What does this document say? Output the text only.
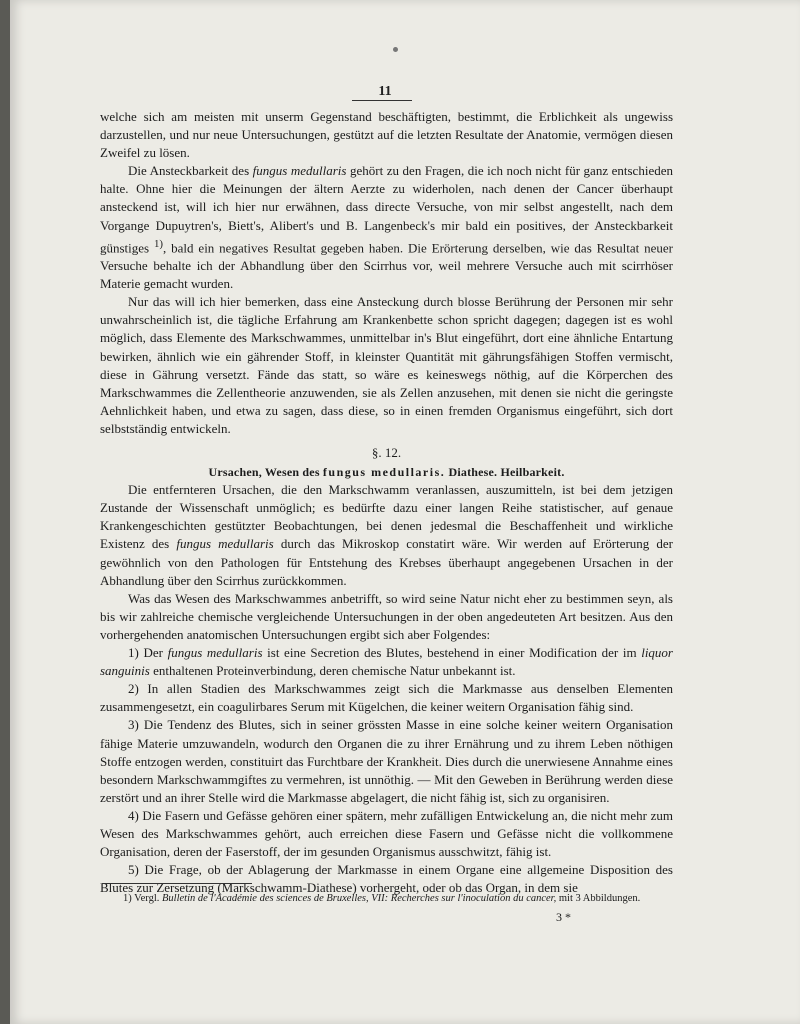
11

welche sich am meisten mit unserm Gegenstand beschäftigten, bestimmt, die Erblichkeit als ungewiss darzustellen, und nur neue Untersuchungen, gestützt auf die letzten Resultate der Anatomie, vermögen diesen Zweifel zu lösen.

Die Ansteckbarkeit des fungus medullaris gehört zu den Fragen, die ich noch nicht für ganz entschieden halte. Ohne hier die Meinungen der ältern Aerzte zu widerholen, nach denen der Cancer überhaupt ansteckend ist, will ich hier nur erwähnen, dass directe Versuche, von mir selbst angestellt, nach dem Vorgange Dupuytren's, Biett's, Alibert's und B. Langenbeck's mir bald ein positives, der Ansteckbarkeit günstiges $^{1)}$, bald ein negatives Resultat gegeben haben. Die Erörterung derselben, wie das Resultat neuer Versuche behalte ich der Abhandlung über den Scirrhus vor, weil mehrere Versuche auch mit scirrhöser Materie gemacht wurden.

Nur das will ich hier bemerken, dass eine Ansteckung durch blosse Berührung der Personen mir sehr unwahrscheinlich ist, die tägliche Erfahrung am Krankenbette schon spricht dagegen; dagegen ist es wohl möglich, dass Elemente des Markschwammes, unmittelbar in's Blut eingeführt, dort eine ähnliche Entartung bewirken, ähnlich wie ein gährender Stoff, in kleinster Quantität mit gährungsfähigen Stoffen vermischt, diese in Gährung versetzt. Fände das statt, so wäre es keineswegs nöthig, auf die Körperchen des Markschwammes die Zellentheorie anzuwenden, sie als Zellen anzusehen, mit denen sie nicht die geringste Aehnlichkeit haben, und etwa zu sagen, dass diese, so in einen fremden Organismus eingeführt, sich dort selbstständig entwickeln.

§. 12.
Ursachen, Wesen des fungus medullaris. Diathese. Heilbarkeit.

Die entfernteren Ursachen, die den Markschwamm veranlassen, auszumitteln, ist bei dem jetzigen Zustande der Wissenschaft unmöglich; es bedürfte dazu einer langen Reihe statistischer, auf genaue Krankengeschichten gestützter Beobachtungen, bei denen jedesmal die Beschaffenheit und wirkliche Existenz des fungus medullaris durch das Mikroskop constatirt wäre. Wir werden auf Erörterung der gewöhnlich von den Pathologen für Entstehung des Krebses überhaupt angegebenen Ursachen in der Abhandlung über den Scirrhus zurückkommen.

Was das Wesen des Markschwammes anbetrifft, so wird seine Natur nicht eher zu bestimmen seyn, als bis wir zahlreiche chemische vergleichende Untersuchungen in der oben angedeuteten Art besitzen. Aus den vorhergehenden anatomischen Untersuchungen ergibt sich aber Folgendes:

1) Der fungus medullaris ist eine Secretion des Blutes, bestehend in einer Modification der im liquor sanguinis enthaltenen Proteinverbindung, deren chemische Natur unbekannt ist.

2) In allen Stadien des Markschwammes zeigt sich die Markmasse aus denselben Elementen zusammengesetzt, ein coagulirbares Serum mit Kügelchen, die keiner weitern Organisation fähig sind.

3) Die Tendenz des Blutes, sich in seiner grössten Masse in eine solche keiner weitern Organisation fähige Materie umzuwandeln, wodurch den Organen die zu ihrer Ernährung und zu ihrem Leben nöthigen Stoffe entzogen werden, constituirt das Furchtbare der Krankheit. Dies durch die unerwiesene Annahme eines besondern Markschwammgiftes zu vermehren, ist unnöthig. — Mit den Geweben in Berührung werden diese zerstört und an ihrer Stelle wird die Markmasse abgelagert, die nicht fähig ist, sich zu organisiren.

4) Die Fasern und Gefässe gehören einer spätern, mehr zufälligen Entwickelung an, die nicht mehr zum Wesen des Markschwammes gehört, auch erreichen diese Fasern und Gefässe nicht die vollkommene Organisation, deren der Faserstoff, der im gesunden Organismus ausschwitzt, fähig ist.

5) Die Frage, ob der Ablagerung der Markmasse in einem Organe eine allgemeine Disposition des Blutes zur Zersetzung (Markschwamm-Diathese) vorhergeht, oder ob das Organ, in dem sie

1) Vergl. Bulletin de l'Académie des sciences de Bruxelles, VII: Recherches sur l'inoculation du cancer, mit 3 Abbildungen.
3 *
